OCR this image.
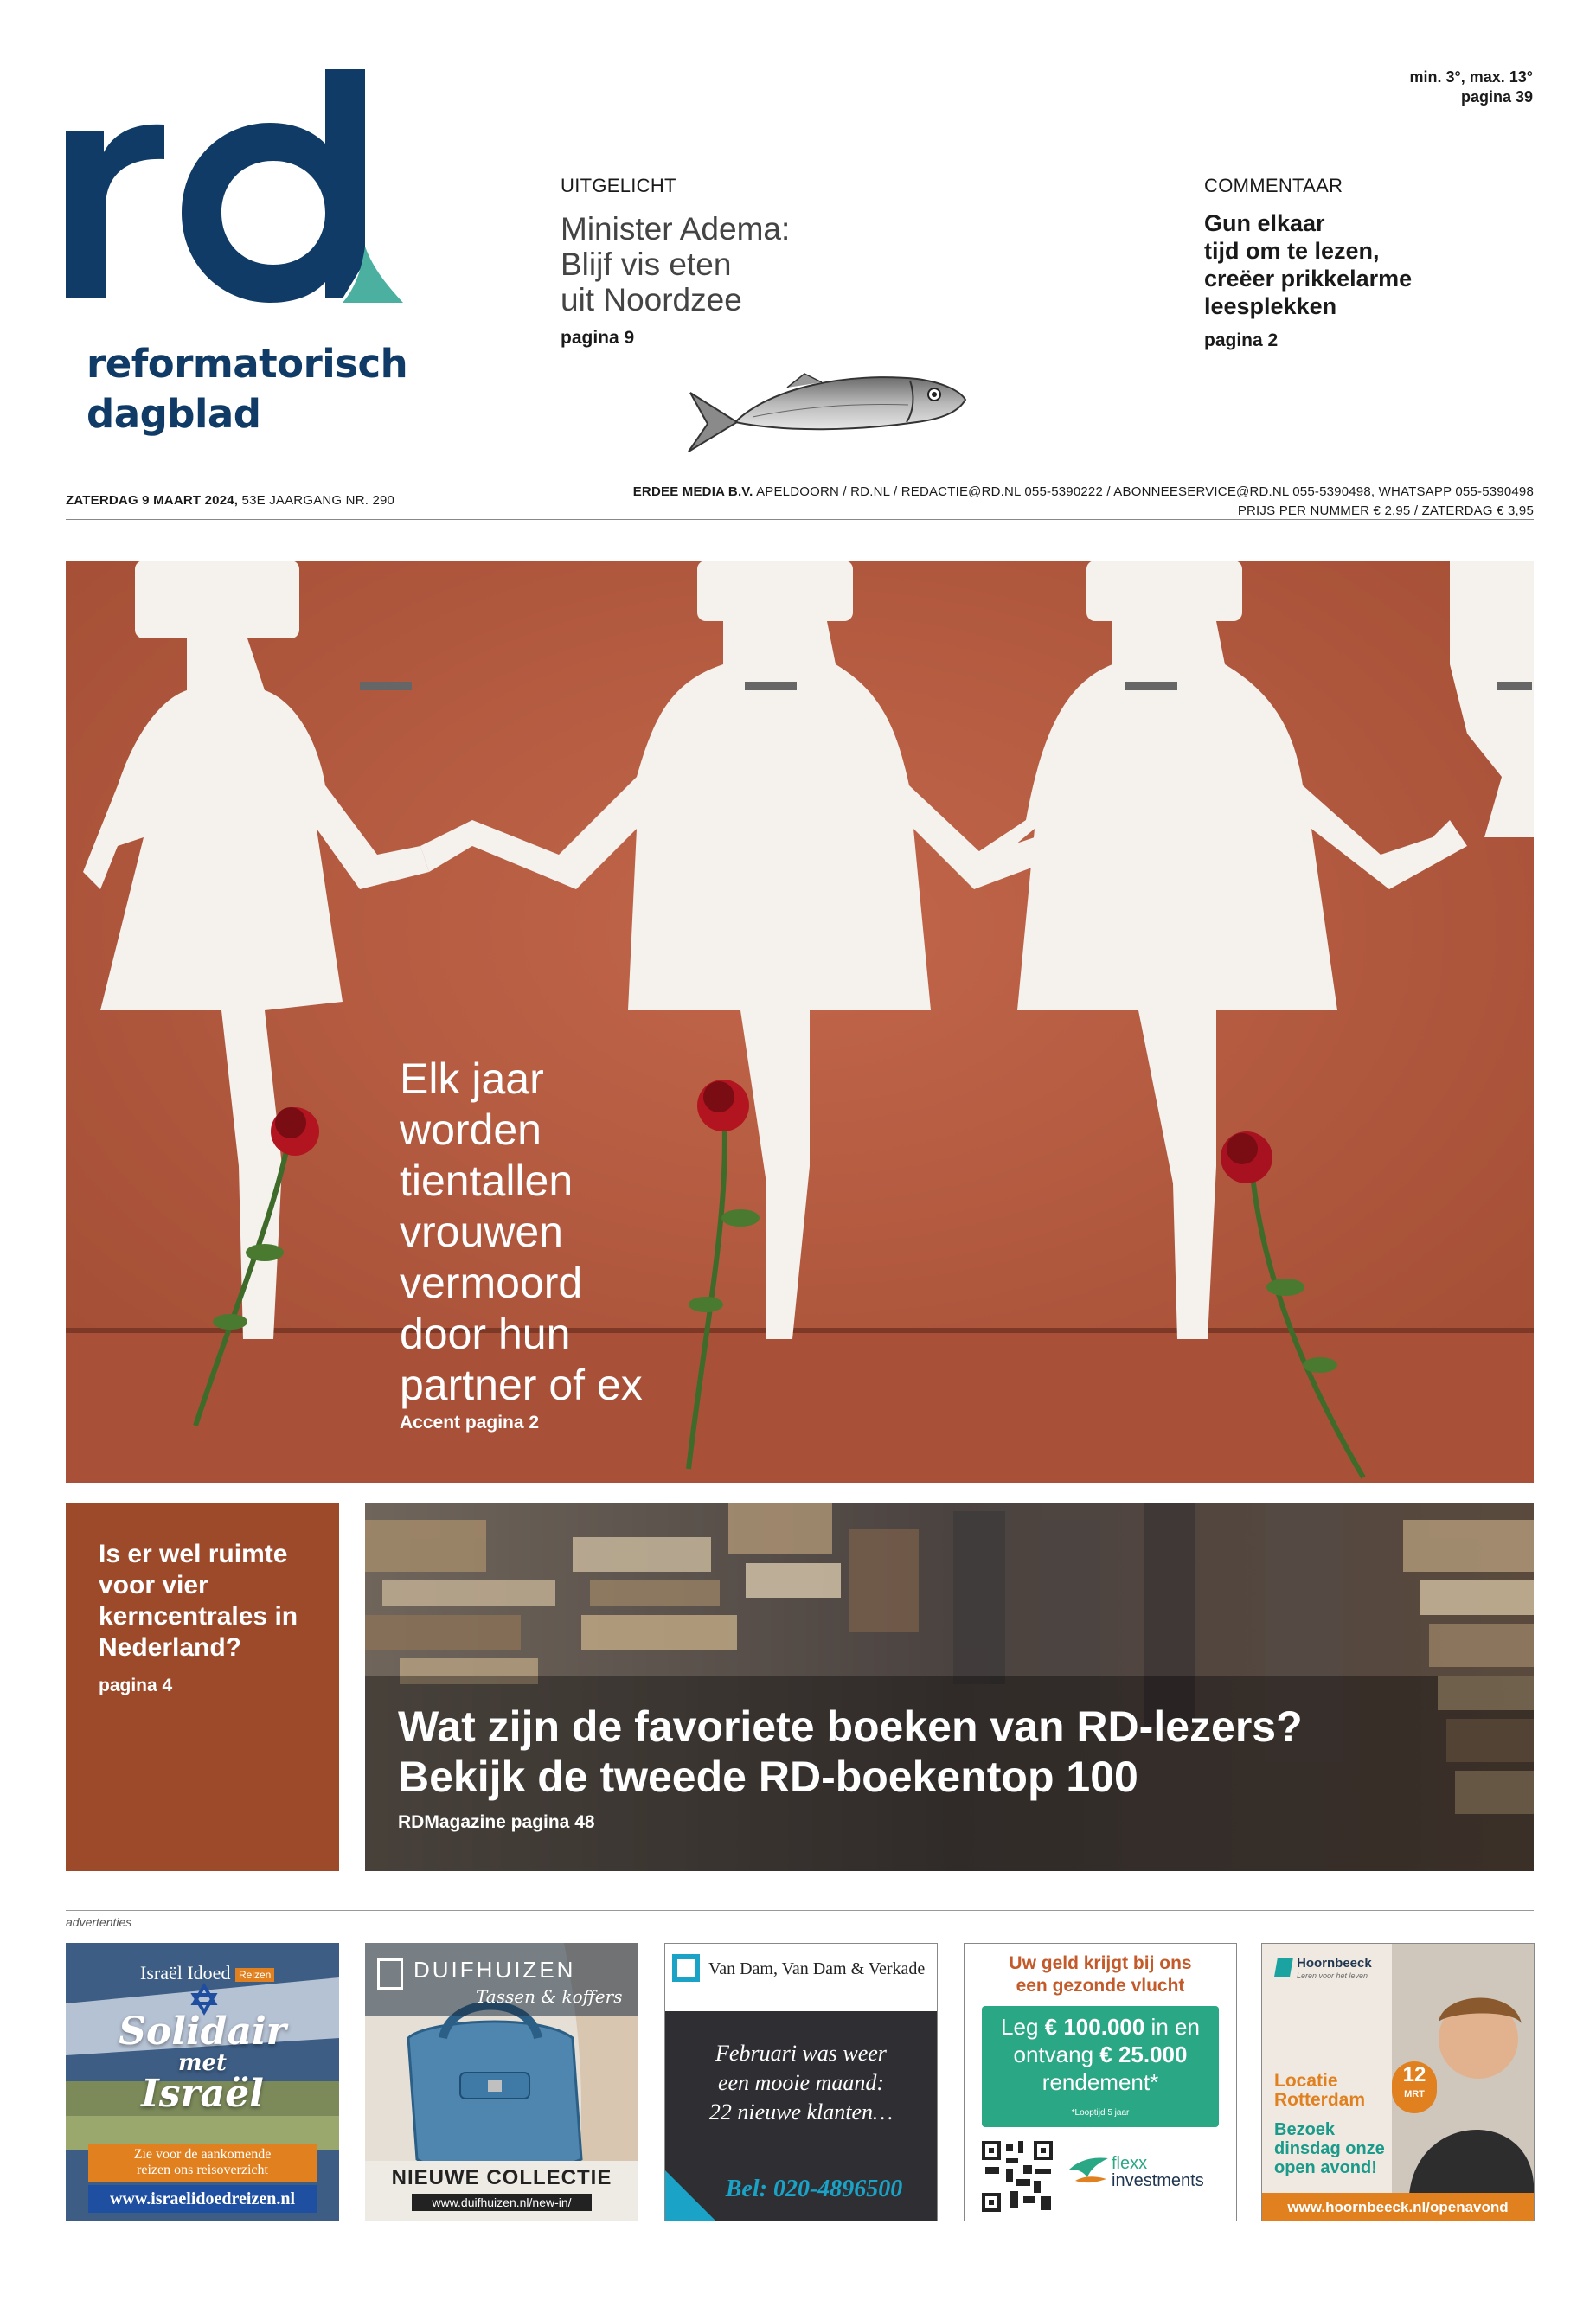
reformatorisch
dagblad
min. 3°, max. 13°
pagina 39
UITGELICHT
Minister Adema:
Blijf vis eten
uit Noordzee
pagina 9
COMMENTAAR
Gun elkaar
tijd om te lezen,
creëer prikkelarme
leesplekken
pagina 2
ZATERDAG 9 MAART 2024, 53E JAARGANG NR. 290
ERDEE MEDIA B.V. APELDOORN / RD.NL / REDACTIE@RD.NL 055-5390222 / ABONNEESERVICE@RD.NL 055-5390498, WHATSAPP 055-5390498
PRIJS PER NUMMER € 2,95 / ZATERDAG € 3,95
Elk jaar
worden
tientallen
vrouwen
vermoord
door hun
partner of ex
Accent pagina 2
Is er wel ruimte
voor vier
kerncentrales in
Nederland?
pagina 4
Wat zijn de favoriete boeken van RD-lezers?
Bekijk de tweede RD-boekentop 100
RDMagazine pagina 48
advertenties
Israël Idoed Reizen
Solidair
met
Israël
Zie voor de aankomende
reizen ons reisoverzicht
www.israelidoedreizen.nl
DUIFHUIZEN
Tassen & koffers
NIEUWE COLLECTIE
www.duifhuizen.nl/new-in/
Van Dam, Van Dam & Verkade
Februari was weer
een mooie maand:
22 nieuwe klanten…
Bel: 020-4896500
Uw geld krijgt bij ons
een gezonde vlucht
Leg € 100.000 in en
ontvang € 25.000
rendement*
*Looptijd 5 jaar
flexx
investments
Hoornbeeck
Leren voor het leven
Locatie
Rotterdam
12
MRT
Bezoek
dinsdag onze
open avond!
www.hoornbeeck.nl/openavond
